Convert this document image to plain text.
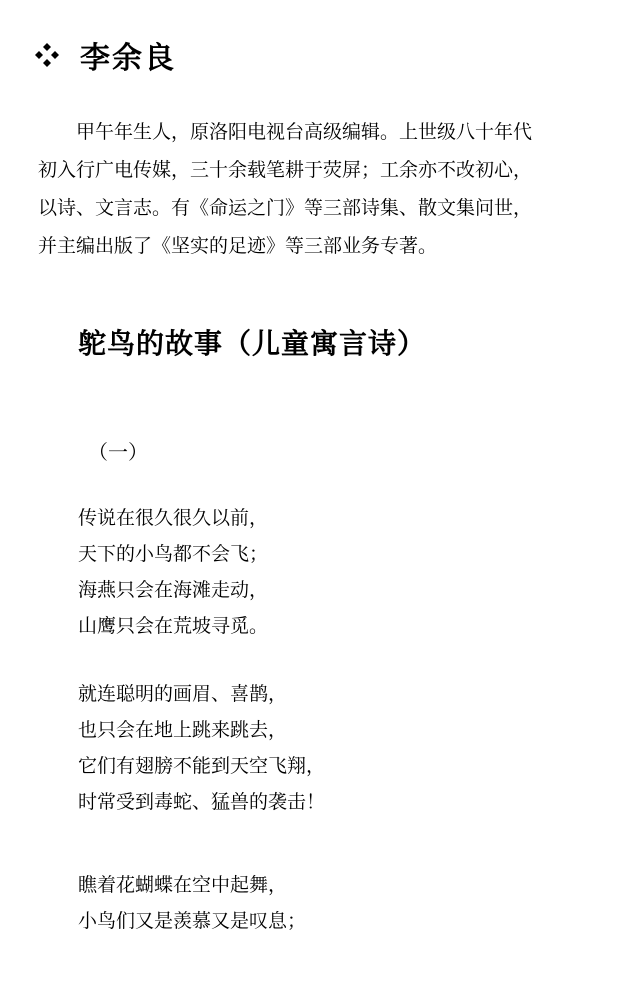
李余良
甲午年生人，原洛阳电视台高级编辑。上世级八十年代
初入行广电传媒，三十余载笔耕于荧屏；工余亦不改初心，
以诗、文言志。有《命运之门》等三部诗集、散文集问世，
并主编出版了《坚实的足迹》等三部业务专著。
鸵鸟的故事（儿童寓言诗）
（一）
传说在很久很久以前，
天下的小鸟都不会飞；
海燕只会在海滩走动，
山鹰只会在荒坡寻觅。
就连聪明的画眉、喜鹊，
也只会在地上跳来跳去，
它们有翅膀不能到天空飞翔，
时常受到毒蛇、猛兽的袭击！
瞧着花蝴蝶在空中起舞，
小鸟们又是羡慕又是叹息；
